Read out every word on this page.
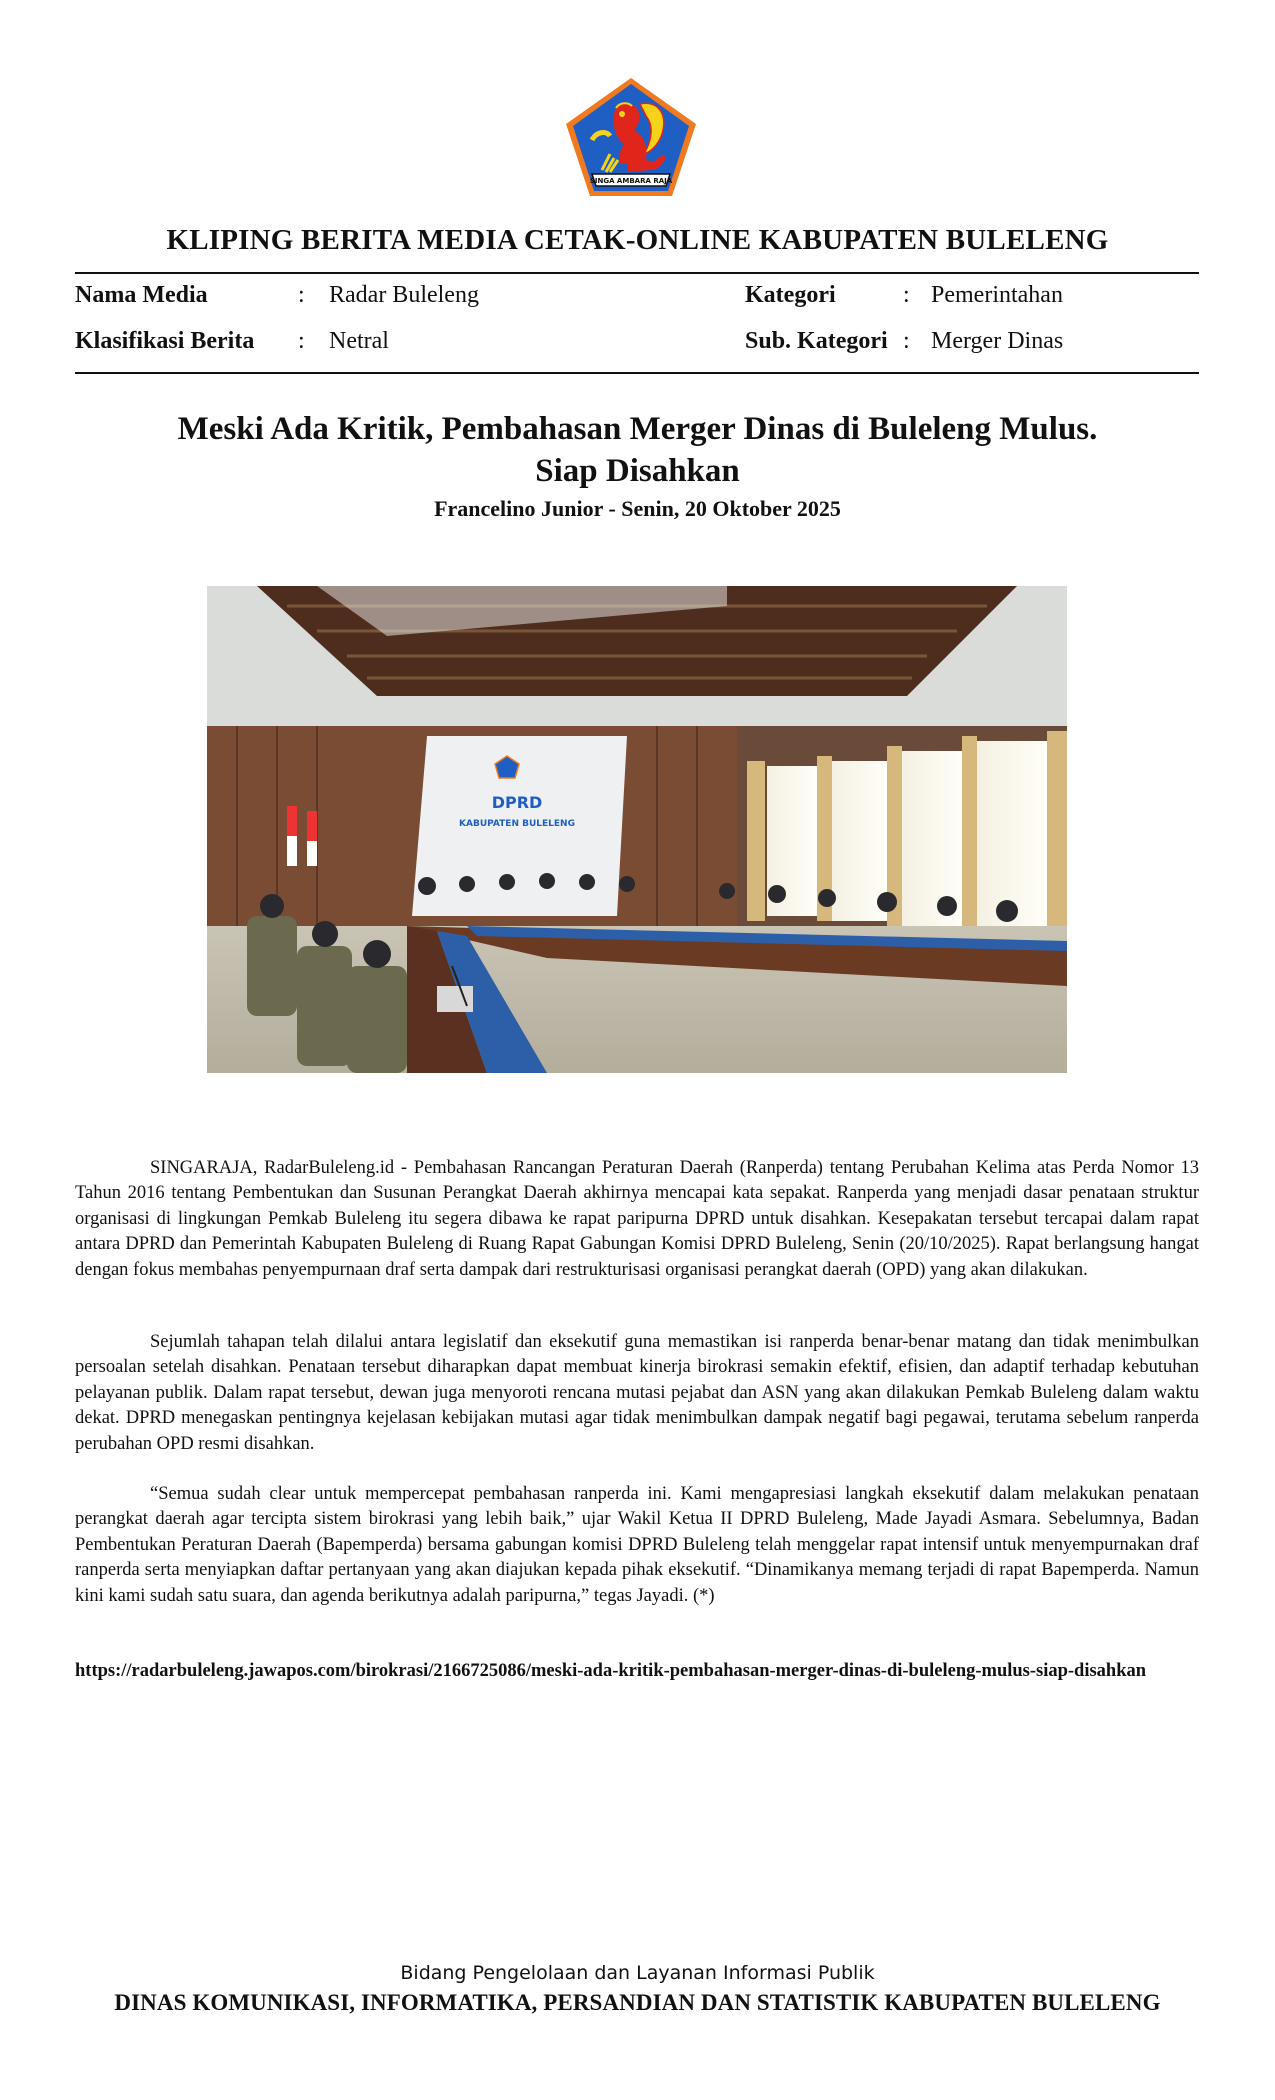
SINGA AMBARA RAJA
KLIPING BERITA MEDIA CETAK-ONLINE KABUPATEN BULELENG
Nama Media	: Radar Buleleng
Klasifikasi Berita : Netral
Kategori	: Pemerintahan
Sub. Kategori : Merger Dinas
Meski Ada Kritik, Pembahasan Merger Dinas di Buleleng Mulus.
Siap Disahkan
Francelino Junior - Senin, 20 Oktober 2025
DPRD
KABUPATEN BULELENG

SINGARAJA, RadarBuleleng.id - Pembahasan Rancangan Peraturan Daerah (Ranperda) tentang Perubahan Kelima atas Perda Nomor 13 Tahun 2016 tentang Pembentukan dan Susunan Perangkat Daerah akhirnya mencapai kata sepakat. Ranperda yang menjadi dasar penataan struktur organisasi di lingkungan Pemkab Buleleng itu segera dibawa ke rapat paripurna DPRD untuk disahkan. Kesepakatan tersebut tercapai dalam rapat antara DPRD dan Pemerintah Kabupaten Buleleng di Ruang Rapat Gabungan Komisi DPRD Buleleng, Senin (20/10/2025). Rapat berlangsung hangat dengan fokus membahas penyempurnaan draf serta dampak dari restrukturisasi organisasi perangkat daerah (OPD) yang akan dilakukan.

Sejumlah tahapan telah dilalui antara legislatif dan eksekutif guna memastikan isi ranperda benar-benar matang dan tidak menimbulkan persoalan setelah disahkan. Penataan tersebut diharapkan dapat membuat kinerja birokrasi semakin efektif, efisien, dan adaptif terhadap kebutuhan pelayanan publik. Dalam rapat tersebut, dewan juga menyoroti rencana mutasi pejabat dan ASN yang akan dilakukan Pemkab Buleleng dalam waktu dekat. DPRD menegaskan pentingnya kejelasan kebijakan mutasi agar tidak menimbulkan dampak negatif bagi pegawai, terutama sebelum ranperda perubahan OPD resmi disahkan.

“Semua sudah clear untuk mempercepat pembahasan ranperda ini. Kami mengapresiasi langkah eksekutif dalam melakukan penataan perangkat daerah agar tercipta sistem birokrasi yang lebih baik,” ujar Wakil Ketua II DPRD Buleleng, Made Jayadi Asmara. Sebelumnya, Badan Pembentukan Peraturan Daerah (Bapemperda) bersama gabungan komisi DPRD Buleleng telah menggelar rapat intensif untuk menyempurnakan draf ranperda serta menyiapkan daftar pertanyaan yang akan diajukan kepada pihak eksekutif. “Dinamikanya memang terjadi di rapat Bapemperda. Namun kini kami sudah satu suara, dan agenda berikutnya adalah paripurna,” tegas Jayadi. (*)

https://radarbuleleng.jawapos.com/birokrasi/2166725086/meski-ada-kritik-pembahasan-merger-dinas-di-buleleng-mulus-siap-disahkan
Bidang Pengelolaan dan Layanan Informasi Publik
DINAS KOMUNIKASI, INFORMATIKA, PERSANDIAN DAN STATISTIK KABUPATEN BULELENG
